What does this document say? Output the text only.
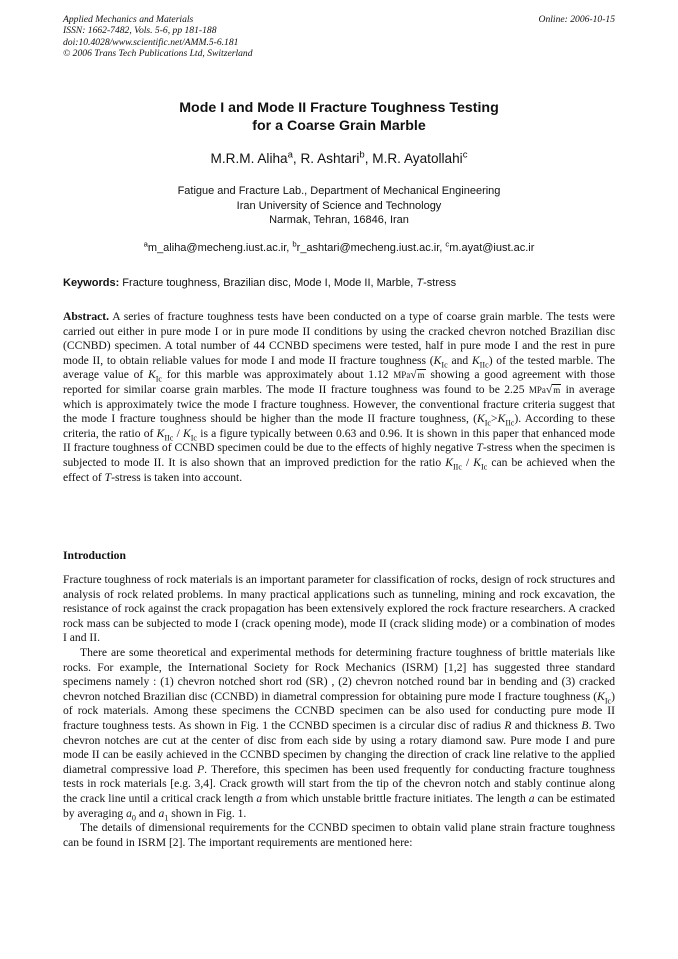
Applied Mechanics and Materials
ISSN: 1662-7482, Vols. 5-6, pp 181-188
doi:10.4028/www.scientific.net/AMM.5-6.181
© 2006 Trans Tech Publications Ltd, Switzerland
Online: 2006-10-15
Mode I and Mode II Fracture Toughness Testing
for a Coarse Grain Marble
M.R.M. Aliha$^a$, R. Ashtari$^b$, M.R. Ayatollahi$^c$
Fatigue and Fracture Lab., Department of Mechanical Engineering
Iran University of Science and Technology
Narmak, Tehran, 16846, Iran
$^a$m_aliha@mecheng.iust.ac.ir, $^b$r_ashtari@mecheng.iust.ac.ir, $^c$m.ayat@iust.ac.ir
Keywords: Fracture toughness, Brazilian disc, Mode I, Mode II, Marble, T-stress
Abstract. A series of fracture toughness tests have been conducted on a type of coarse grain marble. The tests were carried out either in pure mode I or in pure mode II conditions by using the cracked chevron notched Brazilian disc (CCNBD) specimen. A total number of 44 CCNBD specimens were tested, half in pure mode I and the rest in pure mode II, to obtain reliable values for mode I and mode II fracture toughness ($K_{Ic}$ and $K_{IIc}$) of the tested marble. The average value of $K_{Ic}$ for this marble was approximately about 1.12 MPa√m showing a good agreement with those reported for similar coarse grain marbles. The mode II fracture toughness was found to be 2.25 MPa√m in average which is approximately twice the mode I fracture toughness. However, the conventional fracture criteria suggest that the mode I fracture toughness should be higher than the mode II fracture toughness, $(K_{Ic}>K_{IIc})$. According to these criteria, the ratio of $K_{IIc} / K_{Ic}$ is a figure typically between 0.63 and 0.96. It is shown in this paper that enhanced mode II fracture toughness of CCNBD specimen could be due to the effects of highly negative T-stress when the specimen is subjected to mode II. It is also shown that an improved prediction for the ratio $K_{IIc} / K_{Ic}$ can be achieved when the effect of T-stress is taken into account.
Introduction
Fracture toughness of rock materials is an important parameter for classification of rocks, design of rock structures and analysis of rock related problems. In many practical applications such as tunneling, mining and rock excavation, the resistance of rock against the crack propagation has been extensively explored the rock fracture researchers. A cracked rock mass can be subjected to mode I (crack opening mode), mode II (crack sliding mode) or a combination of modes I and II.
There are some theoretical and experimental methods for determining fracture toughness of brittle materials like rocks. For example, the International Society for Rock Mechanics (ISRM) [1,2] has suggested three standard specimens namely : (1) chevron notched short rod (SR) , (2) chevron notched round bar in bending and (3) cracked chevron notched Brazilian disc (CCNBD) in diametral compression for obtaining pure mode I fracture toughness $(K_{Ic})$ of rock materials. Among these specimens the CCNBD specimen can be also used for conducting pure mode II fracture toughness tests. As shown in Fig. 1 the CCNBD specimen is a circular disc of radius R and thickness B. Two chevron notches are cut at the center of disc from each side by using a rotary diamond saw. Pure mode I and pure mode II can be easily achieved in the CCNBD specimen by changing the direction of crack line relative to the applied diametral compressive load P. Therefore, this specimen has been used frequently for conducting fracture toughness tests in rock materials [e.g. 3,4]. Crack growth will start from the tip of the chevron notch and stably continue along the crack line until a critical crack length a from which unstable brittle fracture initiates. The length a can be estimated by averaging $a_0$ and $a_1$ shown in Fig. 1.
The details of dimensional requirements for the CCNBD specimen to obtain valid plane strain fracture toughness can be found in ISRM [2]. The important requirements are mentioned here:
